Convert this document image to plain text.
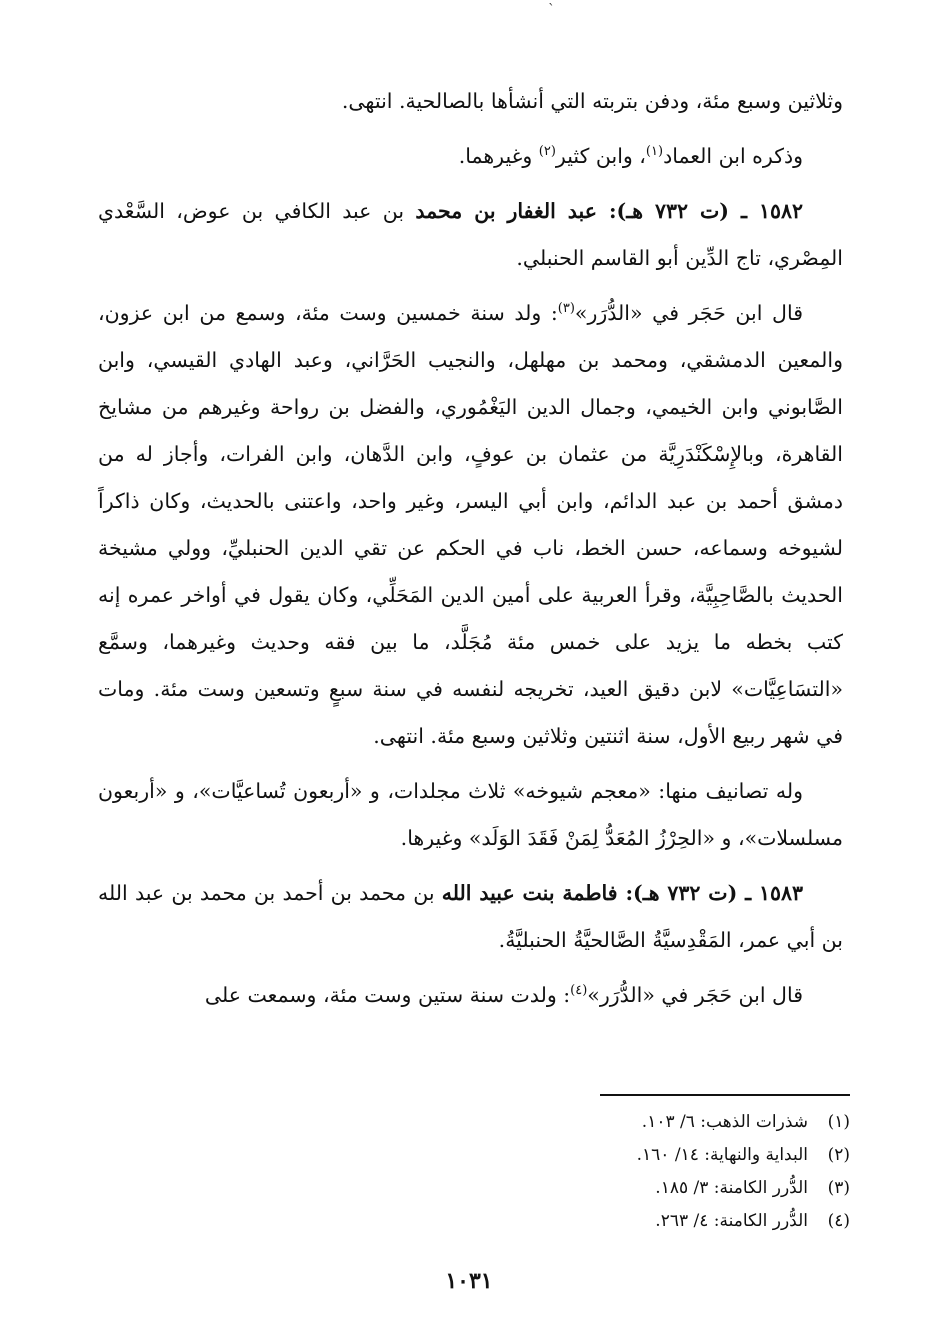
`

وثلاثين وسبع مئة، ودفن بتربته التي أنشأها بالصالحية. انتهى.

وذكره ابن العماد$^{(١)}$، وابن كثير$^{(٢)}$ وغيرهما.

١٥٨٢ ـ (ت ٧٣٢ هـ): عبد الغفار بن محمد بن عبد الكافي بن عوض، السَّعْدي المِصْري، تاج الدِّين أبو القاسم الحنبلي.

قال ابن حَجَر في «الدُّرَر»$^{(٣)}$: ولد سنة خمسين وست مئة، وسمع من ابن عزون، والمعين الدمشقي، ومحمد بن مهلهل، والنجيب الحَرَّاني، وعبد الهادي القيسي، وابن الصَّابوني وابن الخيمي، وجمال الدين اليَغْمُوري، والفضل بن رواحة وغيرهم من مشايخ القاهرة، وبالإِسْكَنْدَرِيَّة من عثمان بن عوفٍ، وابن الدَّهان، وابن الفرات، وأجاز له من دمشق أحمد بن عبد الدائم، وابن أبي اليسر، وغير واحد، واعتنى بالحديث، وكان ذاكراً لشيوخه وسماعه، حسن الخط، ناب في الحكم عن تقي الدين الحنبليِّ، وولي مشيخة الحديث بالصَّاحِبِيَّة، وقرأ العربية على أمين الدين المَحَلِّي، وكان يقول في أواخر عمره إنه كتب بخطه ما يزيد على خمس مئة مُجَلَّد، ما بين فقه وحديث وغيرهما، وسمَّع «التسَاعِيَّات» لابن دقيق العيد، تخريجه لنفسه في سنة سبعٍ وتسعين وست مئة. ومات في شهر ربيع الأول، سنة اثنتين وثلاثين وسبع مئة. انتهى.

وله تصانيف منها: «معجم شيوخه» ثلاث مجلدات، و «أربعون تُساعيَّات»، و «أربعون مسلسلات»، و «الحِرْزُ المُعَدُّ لِمَنْ فَقَدَ الوَلَد» وغيرها.

١٥٨٣ ـ (ت ٧٣٢ هـ): فاطمة بنت عبيد الله بن محمد بن أحمد بن محمد بن عبد الله بن أبي عمر، المَقْدِسيَّةُ الصَّالحيَّةُ الحنبليَّةُ.

قال ابن حَجَر في «الدُّرَر»$^{(٤)}$: ولدت سنة ستين وست مئة، وسمعت على

(١)شذرات الذهب: ٦/ ١٠٣.
(٢)البداية والنهاية: ١٤/ ١٦٠.
(٣)الدُّرر الكامنة: ٣/ ١٨٥.
(٤)الدُّرر الكامنة: ٤/ ٢٦٣.
١٠٣١
